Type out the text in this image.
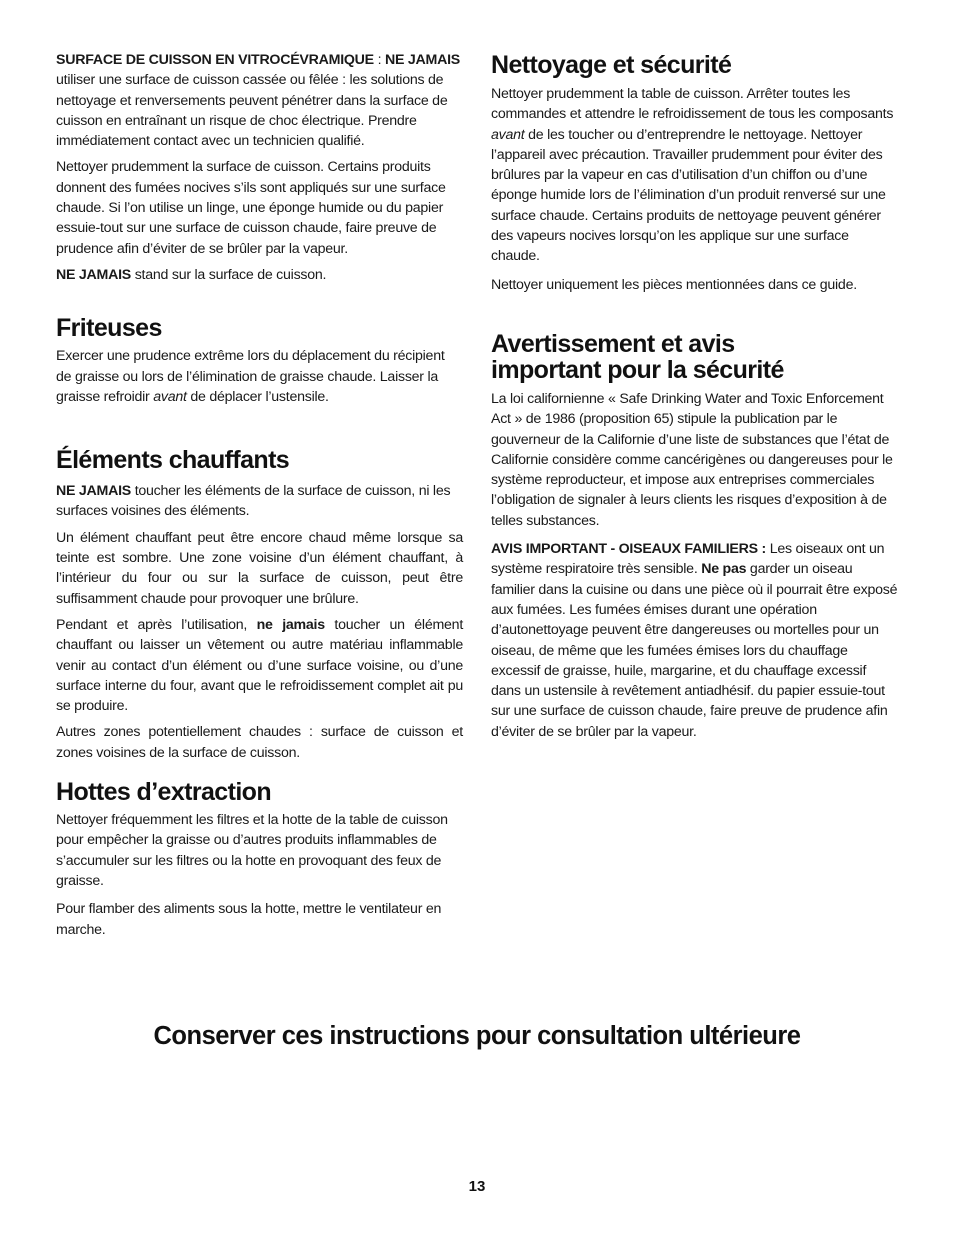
SURFACE DE CUISSON EN VITROCÉVRAMIQUE : NE JAMAIS utiliser une surface de cuisson cassée ou fêlée : les solutions de nettoyage et renversements peuvent pénétrer dans la surface de cuisson en entraînant un risque de choc électrique. Prendre immédiatement contact avec un technicien qualifié.

Nettoyer prudemment la surface de cuisson. Certains produits donnent des fumées nocives s’ils sont appliqués sur une surface chaude. Si l’on utilise un linge, une éponge humide ou du papier essuie-tout sur une surface de cuisson chaude, faire preuve de prudence afin d’éviter de se brûler par la vapeur.

NE JAMAIS stand sur la surface de cuisson.

Friteuses

Exercer une prudence extrême lors du déplacement du récipient de graisse ou lors de l’élimination de graisse chaude. Laisser la graisse refroidir avant de déplacer l’ustensile.

Éléments chauffants

NE JAMAIS toucher les éléments de la surface de cuisson, ni les surfaces voisines des éléments.

Un élément chauffant peut être encore chaud même lorsque sa teinte est sombre. Une zone voisine d’un élément chauffant, à l’intérieur du four ou sur la surface de cuisson, peut être suffisamment chaude pour provoquer une brûlure.

Pendant et après l’utilisation, ne jamais toucher un élément chauffant ou laisser un vêtement ou autre matériau inflammable venir au contact d’un élément ou d’une surface voisine, ou d’une surface interne du four, avant que le refroidissement complet ait pu se produire.

Autres zones potentiellement chaudes : surface de cuisson et zones voisines de la surface de cuisson.

Hottes d’extraction

Nettoyer fréquemment les filtres et la hotte de la table de cuisson pour empêcher la graisse ou d’autres produits inflammables de s’accumuler sur les filtres ou la hotte en provoquant des feux de graisse.

Pour flamber des aliments sous la hotte, mettre le ventilateur en marche.

Nettoyage et sécurité

Nettoyer prudemment la table de cuisson. Arrêter toutes les commandes et attendre le refroidissement de tous les composants avant de les toucher ou d’entreprendre le nettoyage. Nettoyer l’appareil avec précaution. Travailler prudemment pour éviter des brûlures par la vapeur en cas d’utilisation d’un chiffon ou d’une éponge humide lors de l’élimination d’un produit renversé sur une surface chaude. Certains produits de nettoyage peuvent générer des vapeurs nocives lorsqu’on les applique sur une surface chaude.

Nettoyer uniquement les pièces mentionnées dans ce guide.

Avertissement et avis
important pour la sécurité

La loi californienne « Safe Drinking Water and Toxic Enforcement Act » de 1986 (proposition 65) stipule la publication par le gouverneur de la Californie d’une liste de substances que l’état de Californie considère comme cancérigènes ou dangereuses pour le système reproducteur, et impose aux entreprises commerciales l’obligation de signaler à leurs clients les risques d’exposition à de telles substances.

AVIS IMPORTANT - OISEAUX FAMILIERS : Les oiseaux ont un système respiratoire très sensible. Ne pas garder un oiseau familier dans la cuisine ou dans une pièce où il pourrait être exposé aux fumées. Les fumées émises durant une opération d’autonettoyage peuvent être dangereuses ou mortelles pour un oiseau, de même que les fumées émises lors du chauffage excessif de graisse, huile, margarine, et du chauffage excessif dans un ustensile à revêtement antiadhésif. du papier essuie-tout sur une surface de cuisson chaude, faire preuve de prudence afin d’éviter de se brûler par la vapeur.

Conserver ces instructions pour consultation ultérieure
13
